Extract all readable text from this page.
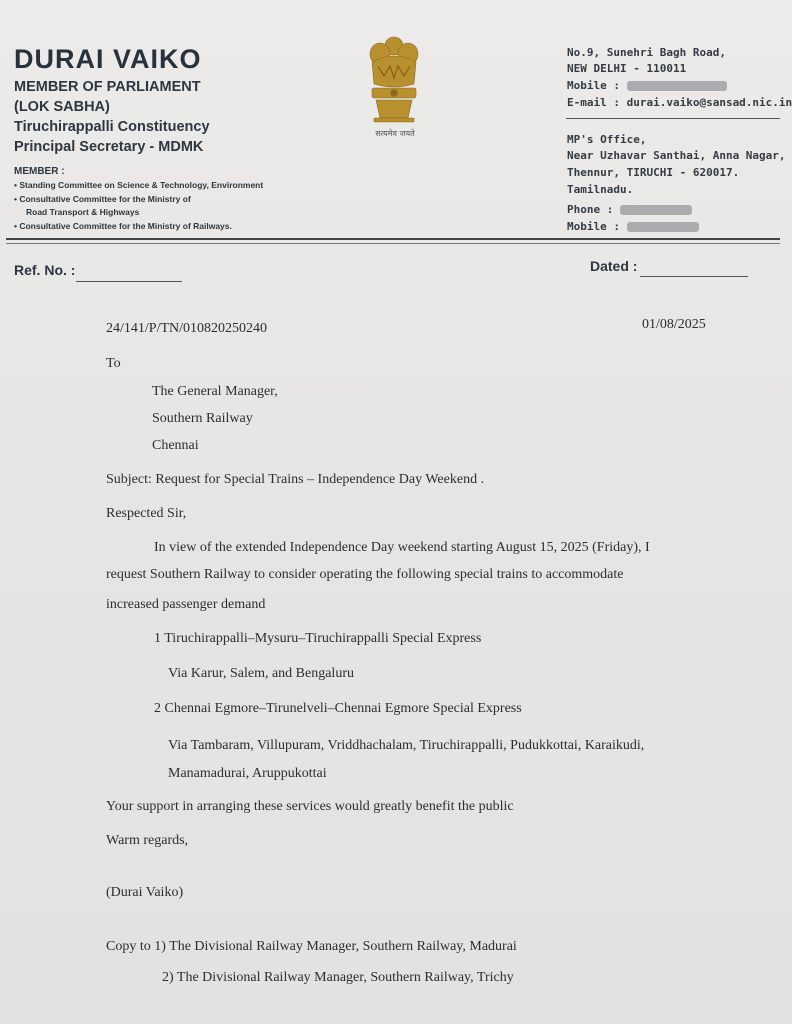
DURAI VAIKO
MEMBER OF PARLIAMENT
(LOK SABHA)
Tiruchirappalli Constituency
Principal Secretary - MDMK
MEMBER :
• Standing Committee on Science & Technology, Environment
• Consultative Committee for the Ministry of
Road Transport & Highways
• Consultative Committee for the Ministry of Railways.
सत्यमेव जयते
No.9, Sunehri Bagh Road,
NEW DELHI - 110011
Mobile :
E-mail : durai.vaiko@sansad.nic.in
MP's Office,
Near Uzhavar Santhai, Anna Nagar,
Thennur, TIRUCHI - 620017.
Tamilnadu.
Phone :
Mobile :
Ref. No. :	Dated :
24/141/P/TN/010820250240	01/08/2025
To
The General Manager,
Southern Railway
Chennai
Subject: Request for Special Trains – Independence Day Weekend .
Respected Sir,
In view of the extended Independence Day weekend starting August 15, 2025 (Friday), I
request Southern Railway to consider operating the following special trains to accommodate
increased passenger demand
1 Tiruchirappalli–Mysuru–Tiruchirappalli Special Express
Via Karur, Salem, and Bengaluru
2 Chennai Egmore–Tirunelveli–Chennai Egmore Special Express
Via Tambaram, Villupuram, Vriddhachalam, Tiruchirappalli, Pudukkottai, Karaikudi,
Manamadurai, Aruppukottai
Your support in arranging these services would greatly benefit the public
Warm regards,
(Durai Vaiko)
Copy to 1) The Divisional Railway Manager, Southern Railway, Madurai
2) The Divisional Railway Manager, Southern Railway, Trichy
